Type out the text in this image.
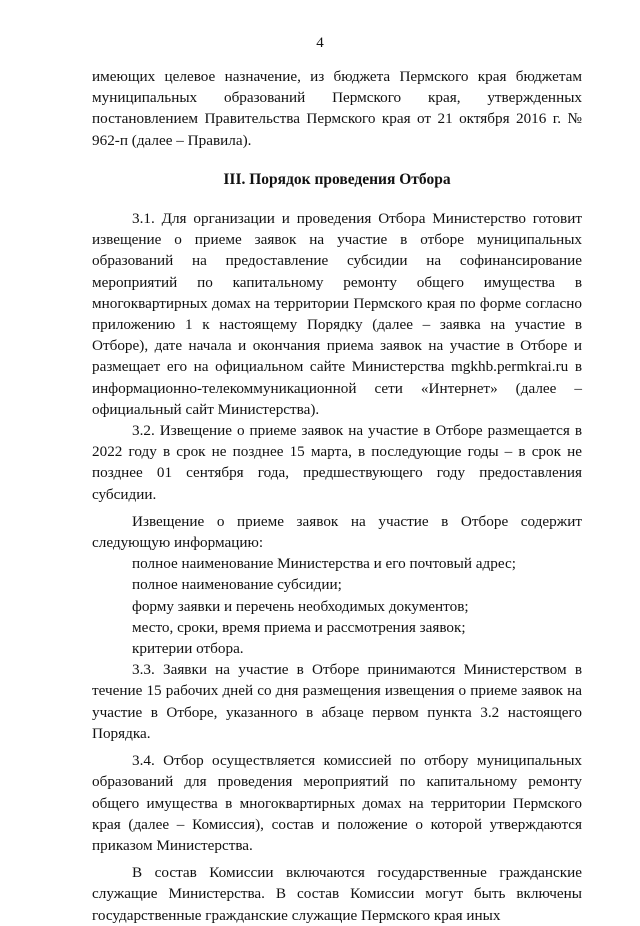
4

имеющих целевое назначение, из бюджета Пермского края бюджетам муниципальных образований Пермского края, утвержденных постановлением Правительства Пермского края от 21 октября 2016 г. № 962-п (далее – Правила).

III. Порядок проведения Отбора

3.1. Для организации и проведения Отбора Министерство готовит извещение о приеме заявок на участие в отборе муниципальных образований на предоставление субсидии на софинансирование мероприятий по капитальному ремонту общего имущества в многоквартирных домах на территории Пермского края по форме согласно приложению 1 к настоящему Порядку (далее – заявка на участие в Отборе), дате начала и окончания приема заявок на участие в Отборе и размещает его на официальном сайте Министерства mgkhb.permkrai.ru в информационно-телекоммуникационной сети «Интернет» (далее – официальный сайт Министерства).

3.2. Извещение о приеме заявок на участие в Отборе размещается в 2022 году в срок не позднее 15 марта, в последующие годы – в срок не позднее 01 сентября года, предшествующего году предоставления субсидии.

Извещение о приеме заявок на участие в Отборе содержит следующую информацию:

полное наименование Министерства и его почтовый адрес;

полное наименование субсидии;

форму заявки и перечень необходимых документов;

место, сроки, время приема и рассмотрения заявок;

критерии отбора.

3.3. Заявки на участие в Отборе принимаются Министерством в течение 15 рабочих дней со дня размещения извещения о приеме заявок на участие в Отборе, указанного в абзаце первом пункта 3.2 настоящего Порядка.

3.4. Отбор осуществляется комиссией по отбору муниципальных образований для проведения мероприятий по капитальному ремонту общего имущества в многоквартирных домах на территории Пермского края (далее – Комиссия), состав и положение о которой утверждаются приказом Министерства.

В состав Комиссии включаются государственные гражданские служащие Министерства. В состав Комиссии могут быть включены государственные гражданские служащие Пермского края иных
